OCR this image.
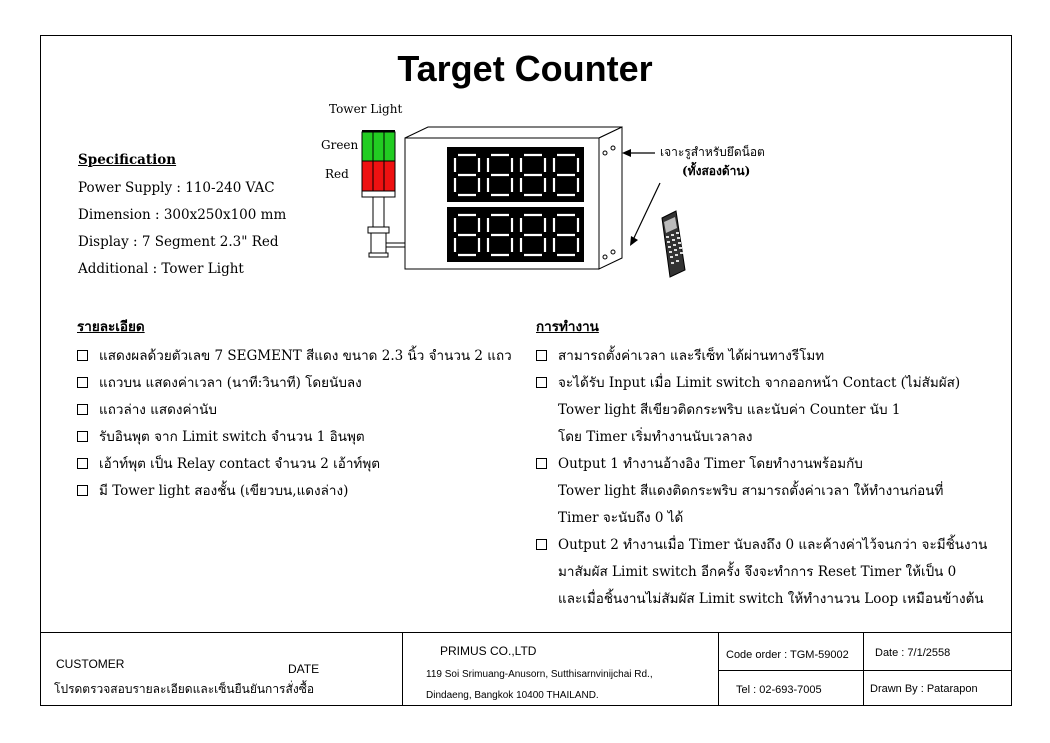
Target Counter
Specification
Power Supply : 110-240 VAC
Dimension : 300x250x100 mm
Display : 7 Segment 2.3" Red
Additional : Tower Light
Tower Light
Green
Red
เจาะรูสำหรับยึดน็อต
(ทั้งสองด้าน)
รายละเอียด
แสดงผลด้วยตัวเลข 7 SEGMENT สีแดง ขนาด 2.3 นิ้ว จำนวน 2 แถว
แถวบน แสดงค่าเวลา (นาที:วินาที) โดยนับลง
แถวล่าง แสดงค่านับ
รับอินพุต จาก Limit switch จำนวน 1 อินพุต
เอ้าท์พุต เป็น Relay contact จำนวน 2 เอ้าท์พุต
มี Tower light สองชั้น (เขียวบน,แดงล่าง)
การทำงาน
สามารถตั้งค่าเวลา และรีเซ็ท ได้ผ่านทางรีโมท
จะได้รับ Input เมื่อ Limit switch จากออกหน้า Contact (ไม่สัมผัส)
Tower light สีเขียวติดกระพริบ และนับค่า Counter นับ 1
โดย Timer เริ่มทำงานนับเวลาลง
Output 1 ทำงานอ้างอิง Timer โดยทำงานพร้อมกับ
Tower light สีแดงติดกระพริบ สามารถตั้งค่าเวลา ให้ทำงานก่อนที่
Timer จะนับถึง 0 ได้
Output 2 ทำงานเมื่อ Timer นับลงถึง 0 และค้างค่าไว้จนกว่า จะมีชิ้นงาน
มาสัมผัส Limit switch อีกครั้ง จึงจะทำการ Reset Timer ให้เป็น 0
และเมื่อชิ้นงานไม่สัมผัส Limit switch ให้ทำงานวน Loop เหมือนข้างต้น
CUSTOMER	DATE
โปรดตรวจสอบรายละเอียดและเซ็นยืนยันการสั่งซื้อ
PRIMUS CO.,LTD
119 Soi Srimuang-Anusorn, Sutthisarnvinijchai Rd.,
Dindaeng, Bangkok 10400 THAILAND.
Code order : TGM-59002
Tel : 02-693-7005
Date : 7/1/2558
Drawn By : Patarapon
